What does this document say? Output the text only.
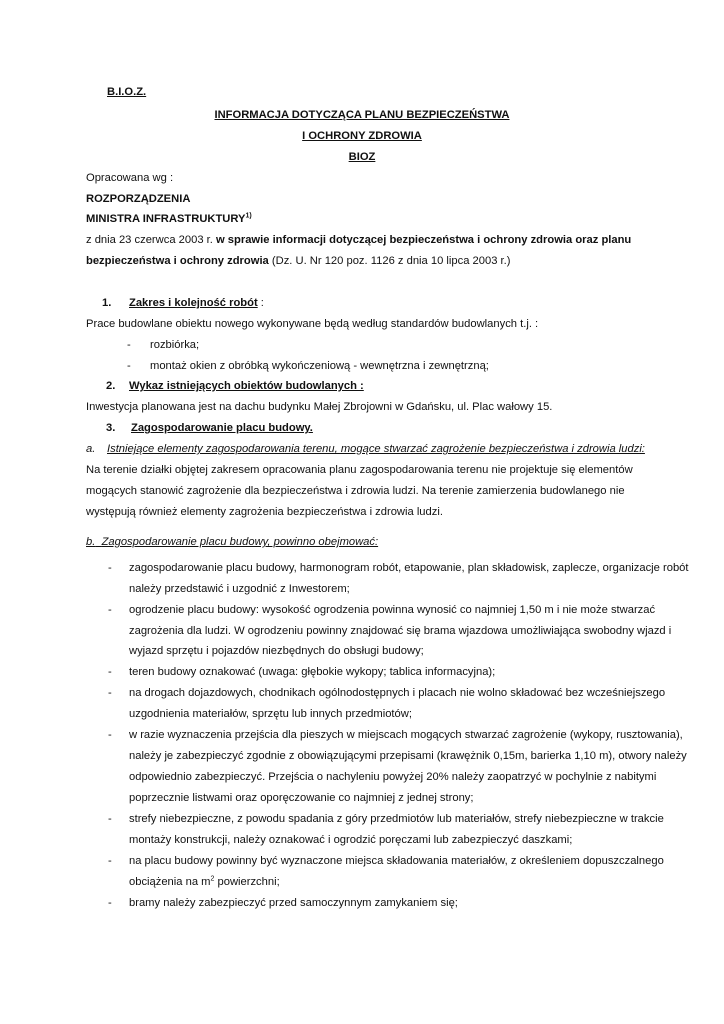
B.I.O.Z.
INFORMACJA DOTYCZĄCA PLANU BEZPIECZEŃSTWA
I OCHRONY ZDROWIA
BIOZ
Opracowana wg :
ROZPORZĄDZENIA
MINISTRA INFRASTRUKTURY$^{1)}$
z dnia 23 czerwca 2003 r. w sprawie informacji dotyczącej bezpieczeństwa i ochrony zdrowia oraz planu
bezpieczeństwa i ochrony zdrowia (Dz. U. Nr 120 poz. 1126 z dnia 10 lipca 2003 r.)
1. Zakres i kolejność robót :
Prace budowlane obiektu nowego wykonywane będą według standardów budowlanych t.j. :
- rozbiórka;
- montaż okien z obróbką wykończeniową - wewnętrzna i zewnętrzną;
2. Wykaz istniejących obiektów budowlanych :
Inwestycja planowana jest na dachu budynku Małej Zbrojowni w Gdańsku, ul. Plac wałowy 15.
3. Zagospodarowanie placu budowy.
a. Istniejące elementy zagospodarowania terenu, mogące stwarzać zagrożenie bezpieczeństwa i zdrowia ludzi:
Na terenie działki objętej zakresem opracowania planu zagospodarowania terenu nie projektuje się elementów
mogących stanowić zagrożenie dla bezpieczeństwa i zdrowia ludzi. Na terenie zamierzenia budowlanego nie
występują również elementy zagrożenia bezpieczeństwa i zdrowia ludzi.
b. Zagospodarowanie placu budowy, powinno obejmować:
- zagospodarowanie placu budowy, harmonogram robót, etapowanie, plan składowisk, zaplecze, organizacje robót
należy przedstawić i uzgodnić z Inwestorem;
- ogrodzenie placu budowy: wysokość ogrodzenia powinna wynosić co najmniej 1,50 m i nie może stwarzać
zagrożenia dla ludzi. W ogrodzeniu powinny znajdować się brama wjazdowa umożliwiająca swobodny wjazd i
wyjazd sprzętu i pojazdów niezbędnych do obsługi budowy;
- teren budowy oznakować (uwaga: głębokie wykopy; tablica informacyjna);
- na drogach dojazdowych, chodnikach ogólnodostępnych i placach nie wolno składować bez wcześniejszego
uzgodnienia materiałów, sprzętu lub innych przedmiotów;
- w razie wyznaczenia przejścia dla pieszych w miejscach mogących stwarzać zagrożenie (wykopy, rusztowania),
należy je zabezpieczyć zgodnie z obowiązującymi przepisami (krawężnik 0,15m, barierka 1,10 m), otwory należy
odpowiednio zabezpieczyć. Przejścia o nachyleniu powyżej 20% należy zaopatrzyć w pochylnie z nabitymi
poprzecznie listwami oraz oporęczowanie co najmniej z jednej strony;
- strefy niebezpieczne, z powodu spadania z góry przedmiotów lub materiałów, strefy niebezpieczne w trakcie
montaży konstrukcji, należy oznakować i ogrodzić poręczami lub zabezpieczyć daszkami;
- na placu budowy powinny być wyznaczone miejsca składowania materiałów, z określeniem dopuszczalnego
obciążenia na $m^2$ powierzchni;
- bramy należy zabezpieczyć przed samoczynnym zamykaniem się;
